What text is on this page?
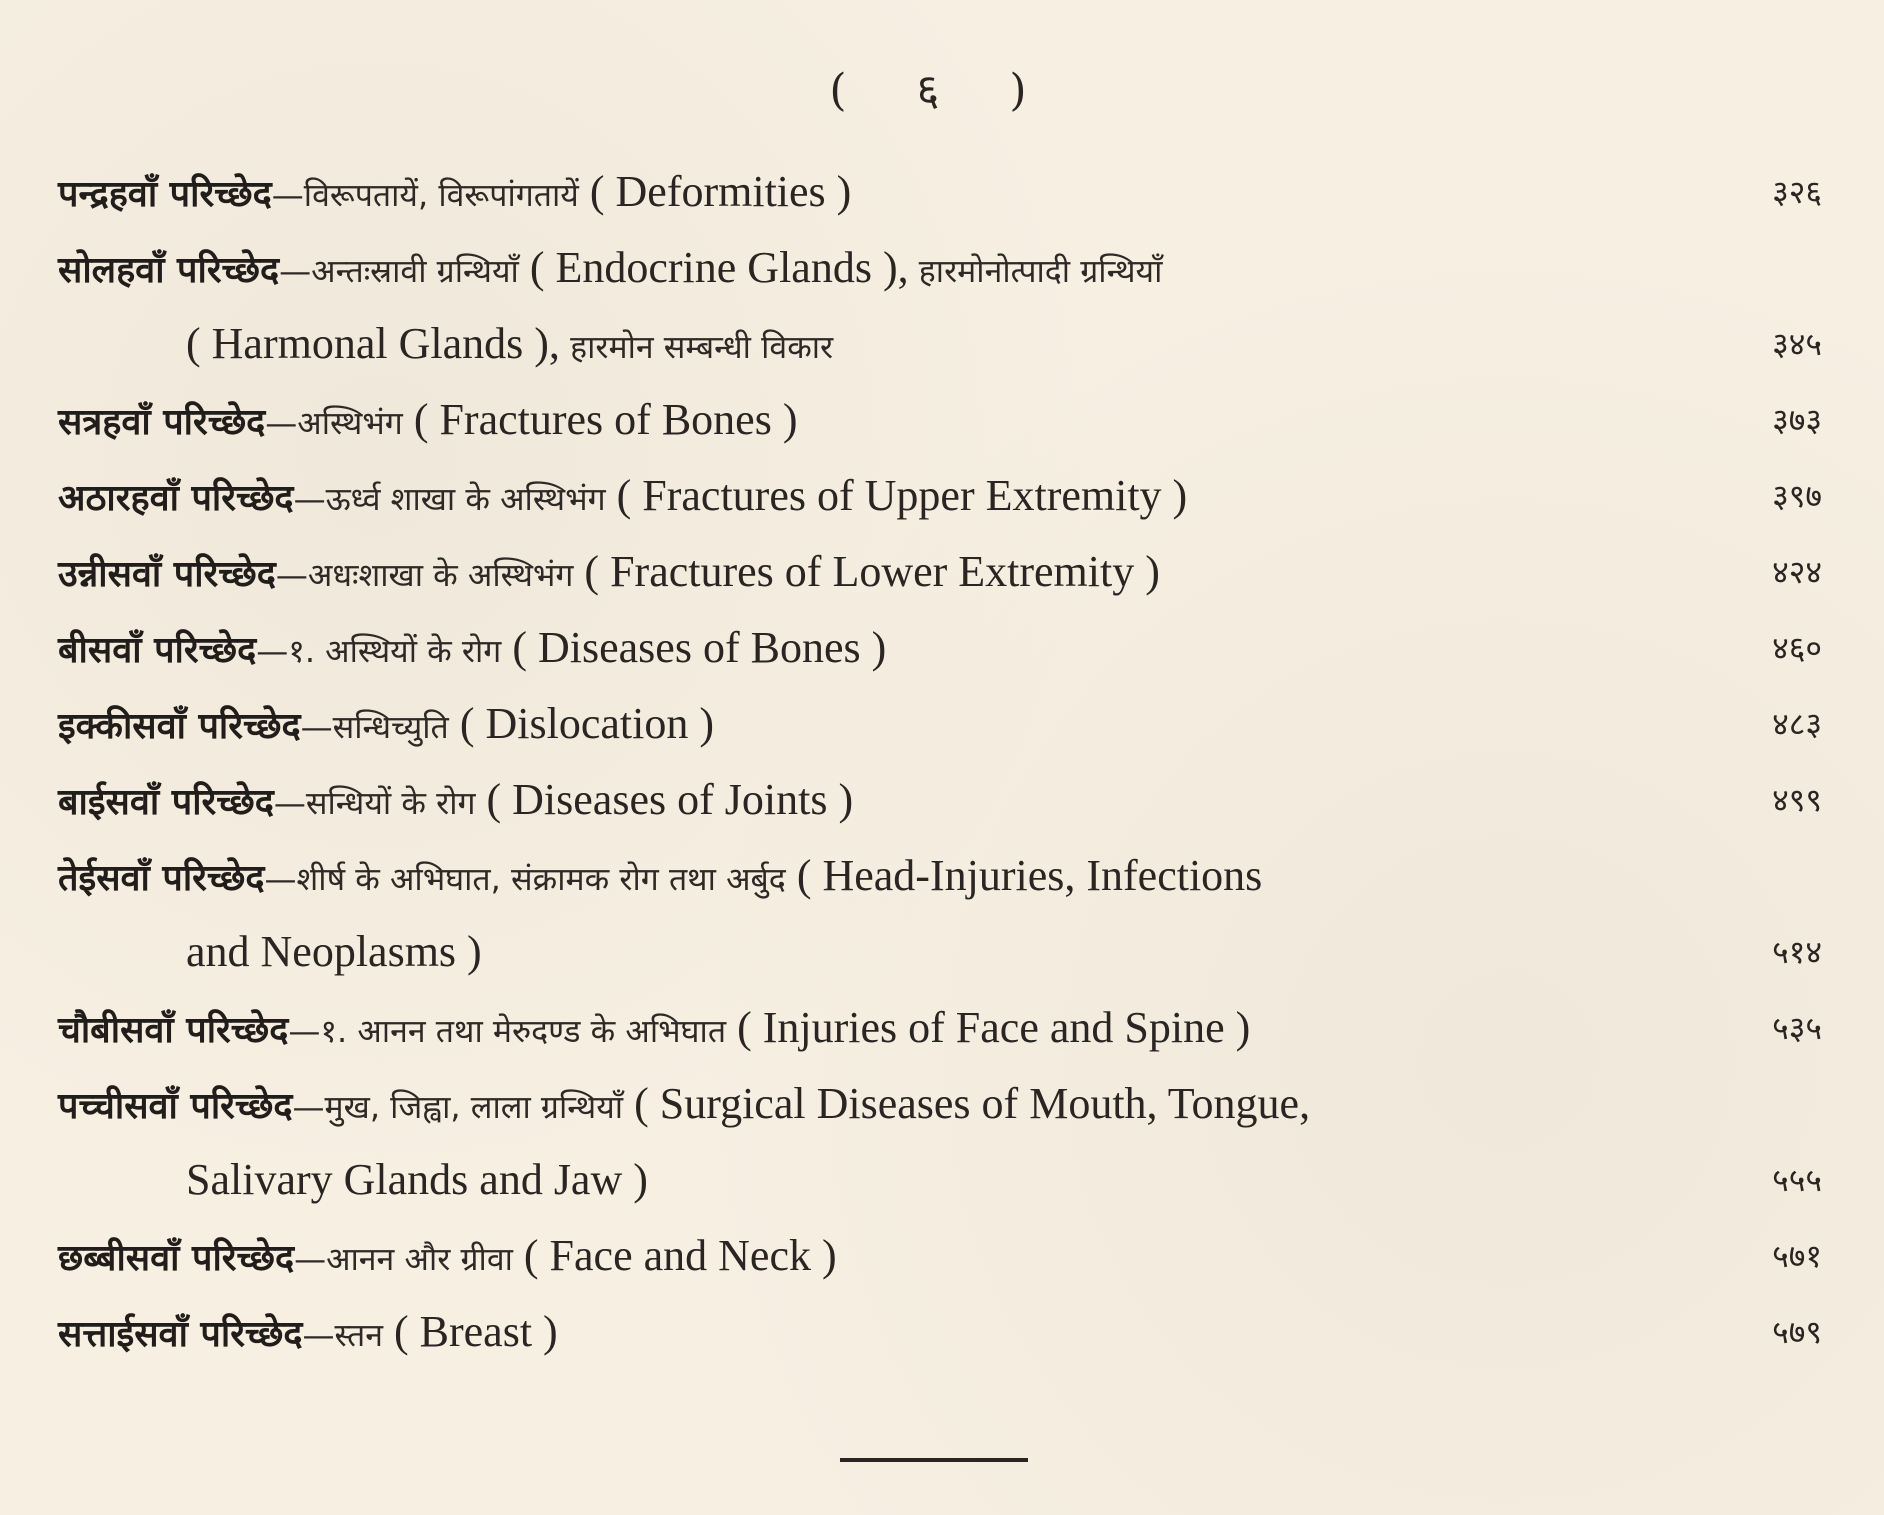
( ६ )
पन्द्रहवाँ परिच्छेद—विरूपतायें, विरूपांगतायें ( Deformities )	३२६
सोलहवाँ परिच्छेद—अन्तःस्रावी ग्रन्थियाँ ( Endocrine Glands ), हारमोनोत्पादी ग्रन्थियाँ
( Harmonal Glands ), हारमोन सम्बन्धी विकार	३४५
सत्रहवाँ परिच्छेद—अस्थिभंग ( Fractures of Bones )	३७३
अठारहवाँ परिच्छेद—ऊर्ध्व शाखा के अस्थिभंग ( Fractures of Upper Extremity )	३९७
उन्नीसवाँ परिच्छेद—अधःशाखा के अस्थिभंग ( Fractures of Lower Extremity )	४२४
बीसवाँ परिच्छेद—१. अस्थियों के रोग ( Diseases of Bones )	४६०
इक्कीसवाँ परिच्छेद—सन्धिच्युति ( Dislocation )	४८३
बाईसवाँ परिच्छेद—सन्धियों के रोग ( Diseases of Joints )	४९९
तेईसवाँ परिच्छेद—शीर्ष के अभिघात, संक्रामक रोग तथा अर्बुद ( Head-Injuries, Infections
and Neoplasms )	५१४
चौबीसवाँ परिच्छेद—१. आनन तथा मेरुदण्ड के अभिघात ( Injuries of Face and Spine )	५३५
पच्चीसवाँ परिच्छेद—मुख, जिह्वा, लाला ग्रन्थियाँ ( Surgical Diseases of Mouth, Tongue,
Salivary Glands and Jaw )	५५५
छब्बीसवाँ परिच्छेद—आनन और ग्रीवा ( Face and Neck )	५७१
सत्ताईसवाँ परिच्छेद—स्तन ( Breast )	५७९
